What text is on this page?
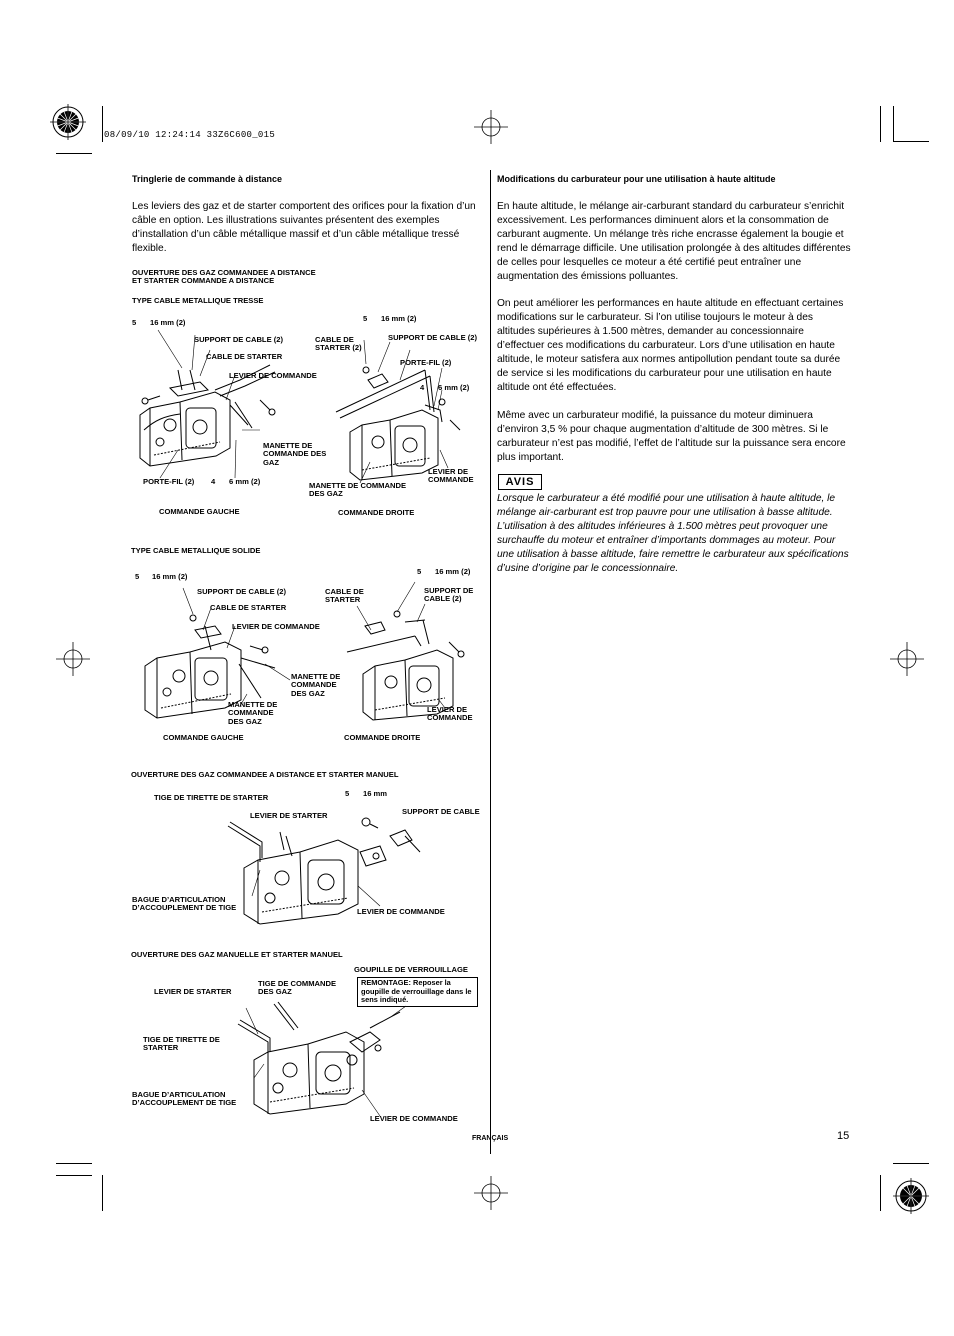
08/09/10 12:24:14 33Z6C600_015
Tringlerie de commande à distance
Les leviers des gaz et de starter comportent des orifices pour la fixation d’un câble en option. Les illustrations suivantes présentent des exemples d’installation d’un câble métallique massif et d’un câble métallique tressé flexible.
OUVERTURE DES GAZ COMMANDEE A DISTANCE
ET STARTER COMMANDE A DISTANCE
TYPE CABLE METALLIQUE TRESSE
5 16 mm (2)
SUPPORT DE CABLE (2)
CABLE DE STARTER
LEVIER DE COMMANDE
MANETTE DE COMMANDE DES GAZ
PORTE-FIL (2) 4 6 mm (2)
COMMANDE GAUCHE
5 16 mm (2)
CABLE DE STARTER (2)
SUPPORT DE CABLE (2)
PORTE-FIL (2)
4 6 mm (2)
LEVIER DE COMMANDE
MANETTE DE COMMANDE DES GAZ
COMMANDE DROITE
TYPE CABLE METALLIQUE SOLIDE
5 16 mm (2)
SUPPORT DE CABLE (2)
CABLE DE STARTER
LEVIER DE COMMANDE
MANETTE DE COMMANDE DES GAZ
MANETTE DE COMMANDE DES GAZ
COMMANDE GAUCHE
5 16 mm (2)
CABLE DE STARTER
SUPPORT DE CABLE (2)
LEVIER DE COMMANDE
COMMANDE DROITE
OUVERTURE DES GAZ COMMANDEE A DISTANCE ET STARTER MANUEL
TIGE DE TIRETTE DE STARTER
LEVIER DE STARTER
5 16 mm
SUPPORT DE CABLE
BAGUE D’ARTICULATION D’ACCOUPLEMENT DE TIGE	LEVIER DE COMMANDE
OUVERTURE DES GAZ MANUELLE ET STARTER MANUEL
GOUPILLE DE VERROUILLAGE
REMONTAGE: Reposer la goupille de verrouillage dans le sens indiqué.
LEVIER DE STARTER
TIGE DE COMMANDE DES GAZ
TIGE DE TIRETTE DE STARTER
BAGUE D’ARTICULATION D’ACCOUPLEMENT DE TIGE
LEVIER DE COMMANDE
Modifications du carburateur pour une utilisation à haute altitude

En haute altitude, le mélange air-carburant standard du carburateur s’enrichit excessivement. Les performances diminuent alors et la consommation de carburant augmente. Un mélange très riche encrasse également la bougie et rend le démarrage difficile. Une utilisation prolongée à des altitudes différentes de celles pour lesquelles ce moteur a été certifié peut entraîner une augmentation des émissions polluantes.

On peut améliorer les performances en haute altitude en effectuant certaines modifications sur le carburateur. Si l’on utilise toujours le moteur à des altitudes supérieures à 1.500 mètres, demander au concessionnaire d’effectuer ces modifications du carburateur. Lors d’une utilisation en haute altitude, le moteur satisfera aux normes antipollution pendant toute sa durée de service si les modifications du carburateur pour une utilisation en haute altitude ont été effectuées.

Même avec un carburateur modifié, la puissance du moteur diminuera d’environ 3,5 % pour chaque augmentation d’altitude de 300 mètres. Si le carburateur n’est pas modifié, l’effet de l’altitude sur la puissance sera encore plus important.

AVIS
Lorsque le carburateur a été modifié pour une utilisation à haute altitude, le mélange air-carburant est trop pauvre pour une utilisation à basse altitude. L’utilisation à des altitudes inférieures à 1.500 mètres peut provoquer une surchauffe du moteur et entraîner d’importants dommages au moteur. Pour une utilisation à basse altitude, faire remettre le carburateur aux spécifications d’usine d’origine par le concessionnaire.
FRANÇAIS	15
